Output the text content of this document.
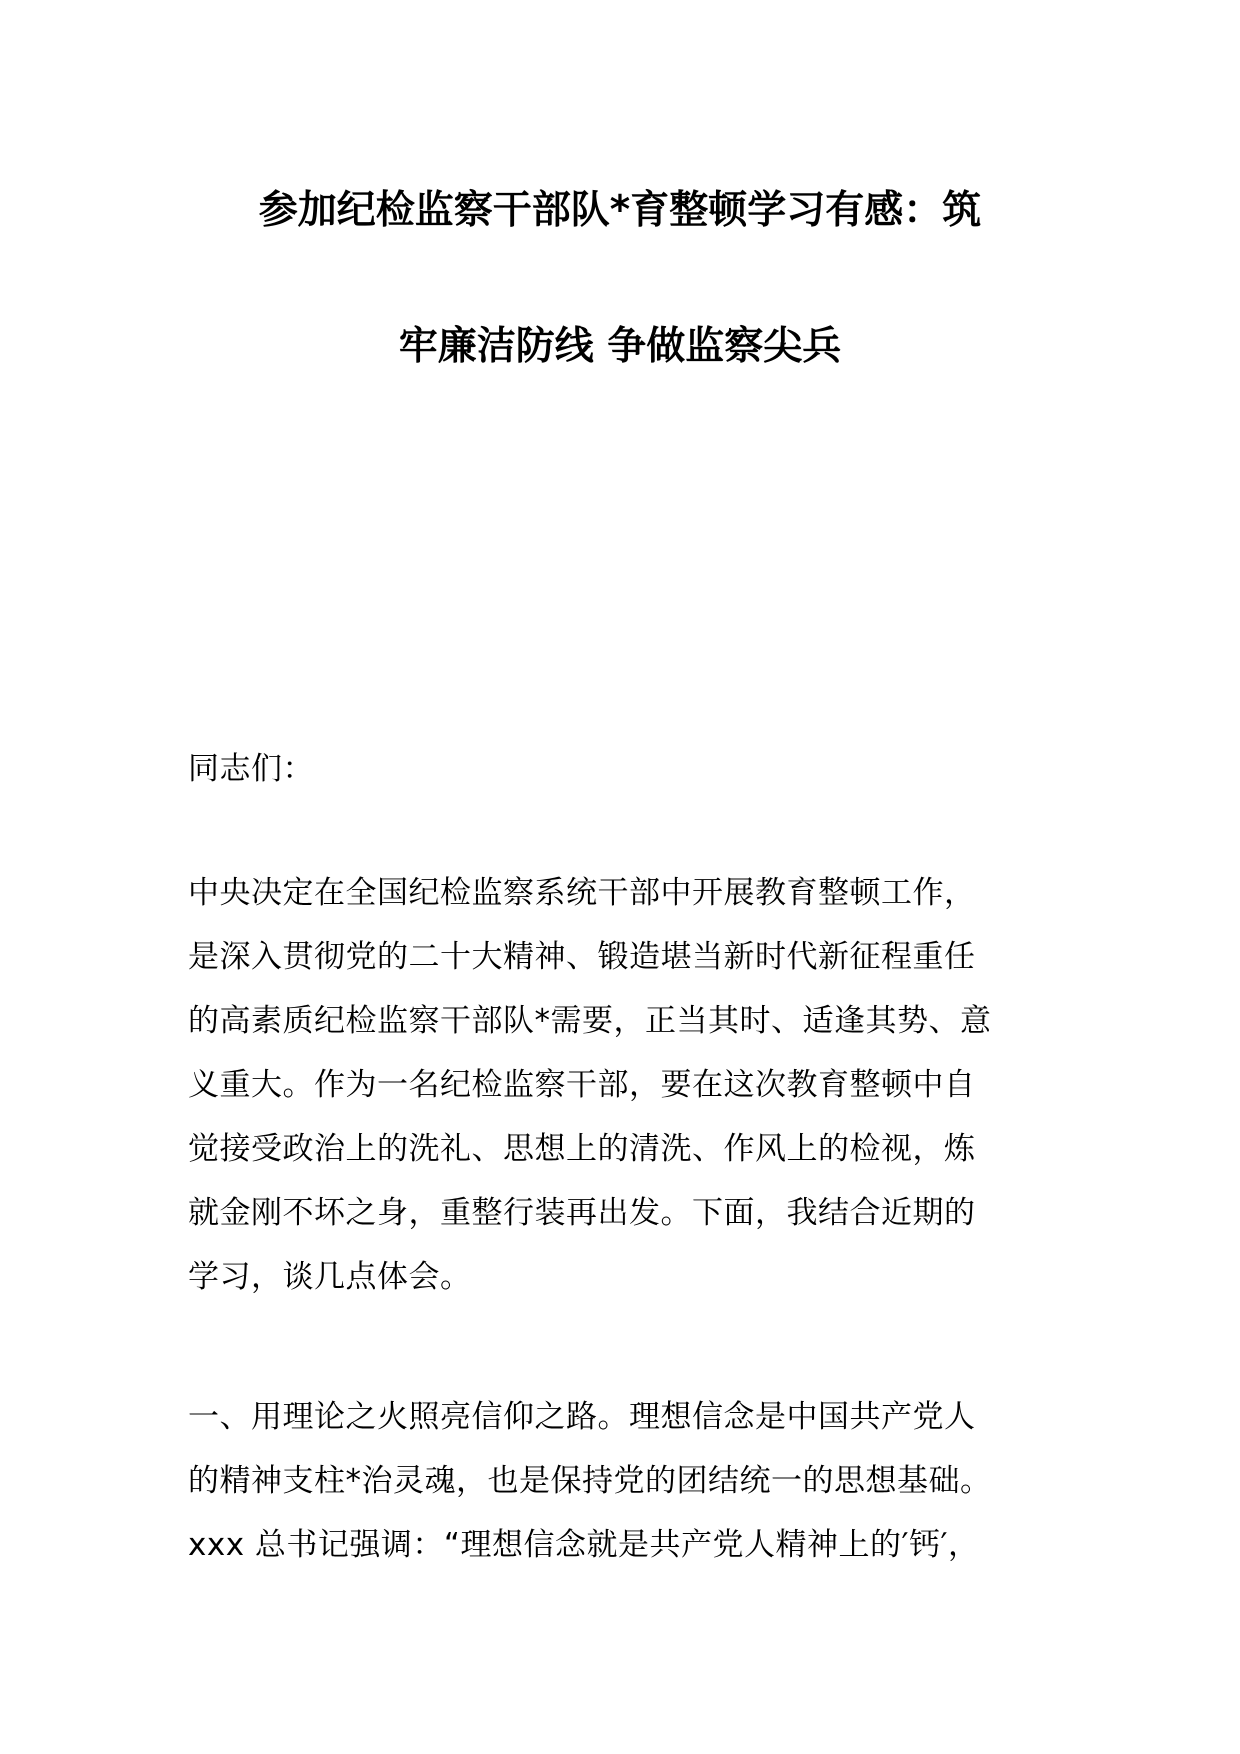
参加纪检监察干部队*育整顿学习有感：筑
牢廉洁防线 争做监察尖兵
同志们：
中央决定在全国纪检监察系统干部中开展教育整顿工作，
是深入贯彻党的二十大精神、锻造堪当新时代新征程重任
的高素质纪检监察干部队*需要，正当其时、适逢其势、意
义重大。作为一名纪检监察干部，要在这次教育整顿中自
觉接受政治上的洗礼、思想上的清洗、作风上的检视，炼
就金刚不坏之身，重整行装再出发。下面，我结合近期的
学习，谈几点体会。
一、用理论之火照亮信仰之路。理想信念是中国共产党人
的精神支柱*治灵魂，也是保持党的团结统一的思想基础。
xxx 总书记强调：“理想信念就是共产党人精神上的′钙′，
